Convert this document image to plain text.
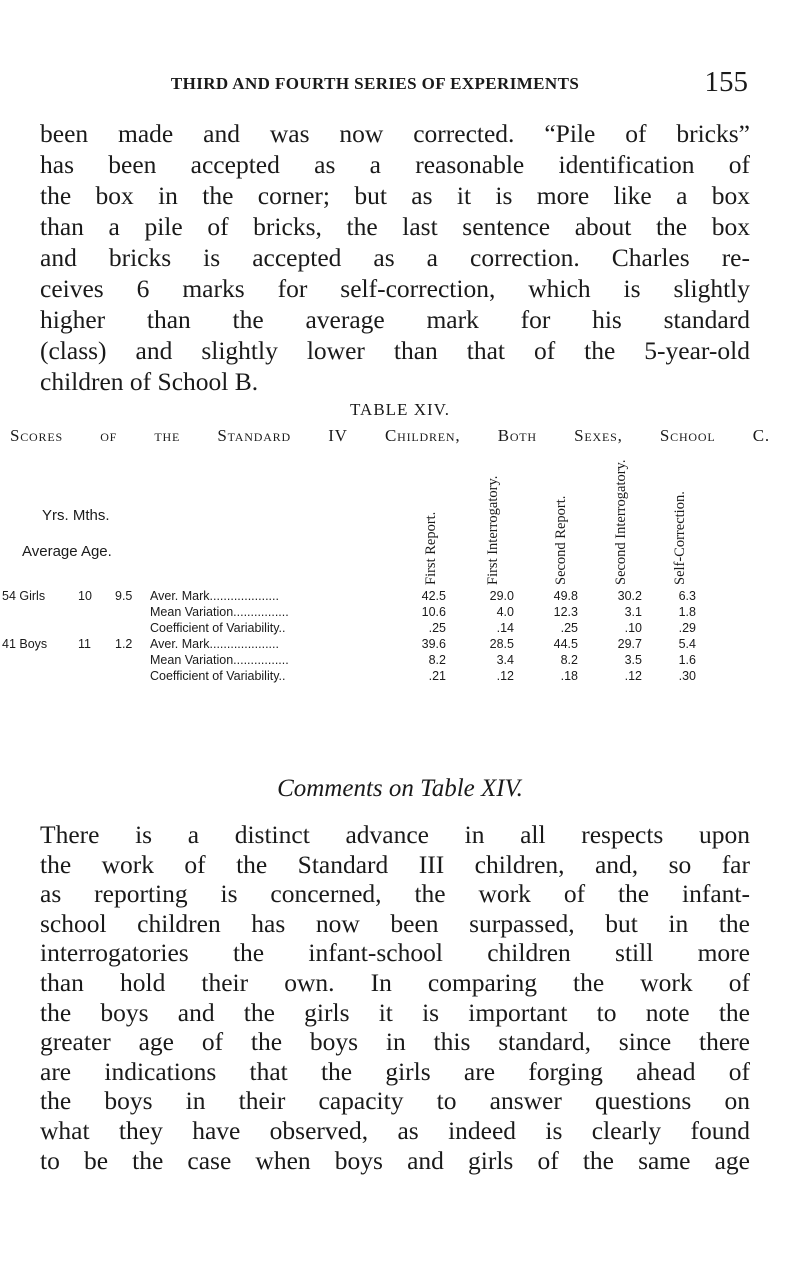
THIRD AND FOURTH SERIES OF EXPERIMENTS	155
been made and was now corrected. “Pile of bricks”
has been accepted as a reasonable identification of
the box in the corner; but as it is more like a box
than a pile of bricks, the last sentence about the box
and bricks is accepted as a correction. Charles re-
ceives 6 marks for self-correction, which is slightly
higher than the average mark for his standard
(class) and slightly lower than that of the 5-year-old
children of School B.
TABLE XIV.
Scores of the Standard IV Children, Both Sexes, School C.
Yrs. Mths.
Average Age.	First Report.	First Interrogatory.	Second Report.	Second Interrogatory.	Self-Correction.
54 Girls	10 9.5 Aver. Mark....................	42.5	29.0	49.8	30.2	6.3
Mean Variation................	10.6	4.0	12.3	3.1	1.8
Coefficient of Variability..	.25	.14	.25	.10	.29
41 Boys 11 1.2 Aver. Mark....................	39.6	28.5	44.5	29.7	5.4
Mean Variation................	8.2	3.4	8.2	3.5	1.6
Coefficient of Variability..	.21	.12	.18	.12	.30
Comments on Table XIV.
There is a distinct advance in all respects upon
the work of the Standard III children, and, so far
as reporting is concerned, the work of the infant-
school children has now been surpassed, but in the
interrogatories the infant-school children still more
than hold their own. In comparing the work of
the boys and the girls it is important to note the
greater age of the boys in this standard, since there
are indications that the girls are forging ahead of
the boys in their capacity to answer questions on
what they have observed, as indeed is clearly found
to be the case when boys and girls of the same age
